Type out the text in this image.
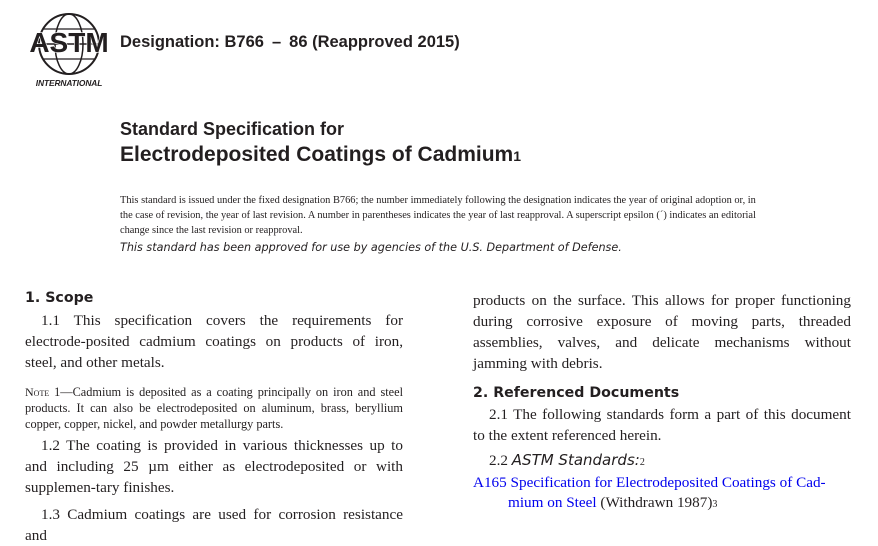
ASTM
INTERNATIONAL
Designation: B766 – 86 (Reapproved 2015)
Standard Specification for
Electrodeposited Coatings of Cadmium1
This standard is issued under the fixed designation B766; the number immediately following the designation indicates the year of original adoption or, in the case of revision, the year of last revision. A number in parentheses indicates the year of last reapproval. A superscript epsilon (´) indicates an editorial change since the last revision or reapproval.
This standard has been approved for use by agencies of the U.S. Department of Defense.
1. Scope
1.1 This specification covers the requirements for electrode-posited cadmium coatings on products of iron, steel, and other metals.
Note 1—Cadmium is deposited as a coating principally on iron and steel products. It can also be electrodeposited on aluminum, brass, beryllium copper, copper, nickel, and powder metallurgy parts.
1.2 The coating is provided in various thicknesses up to and including 25 µm either as electrodeposited or with supplemen-tary finishes.
1.3 Cadmium coatings are used for corrosion resistance and
products on the surface. This allows for proper functioning during corrosive exposure of moving parts, threaded assemblies, valves, and delicate mechanisms without jamming with debris.
2. Referenced Documents
2.1 The following standards form a part of this document to the extent referenced herein.
2.2 ASTM Standards:2
A165 Specification for Electrodeposited Coatings of Cad-mium on Steel (Withdrawn 1987)3
